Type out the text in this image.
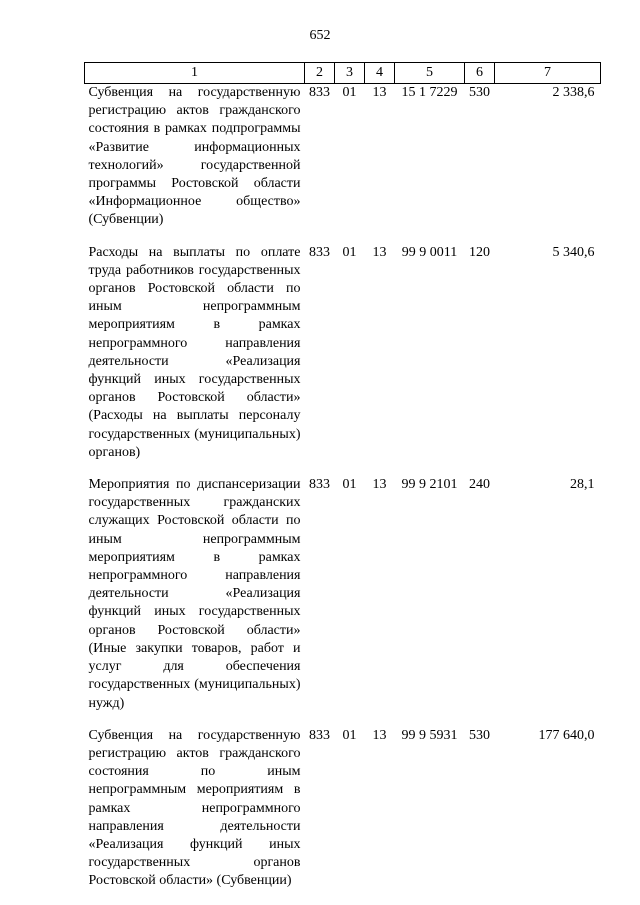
652
1	2	3	4	5	6	7
Субвенция на государственную регистрацию актов гражданского состояния в рамках подпрограммы «Развитие информационных технологий» государственной программы Ростовской области «Информационное общество» (Субвенции)	833	01	13	15 1 7229	530	2 338,6
Расходы на выплаты по оплате труда работников государственных органов Ростовской области по иным непрограммным мероприятиям в рамках непрограммного направления деятельности «Реализация функций иных государственных органов Ростовской области» (Расходы на выплаты персоналу государственных (муниципальных) органов)	833	01	13	99 9 0011	120	5 340,6
Мероприятия по диспансеризации государственных гражданских служащих Ростовской области по иным непрограммным мероприятиям в рамках непрограммного направления деятельности «Реализация функций иных государственных органов Ростовской области» (Иные закупки товаров, работ и услуг для обеспечения государственных (муниципальных) нужд)	833	01	13	99 9 2101	240	28,1
Субвенция на государственную регистрацию актов гражданского состояния по иным непрограммным мероприятиям в рамках непрограммного направления деятельности «Реализация функций иных государственных органов Ростовской области» (Субвенции)	833	01	13	99 9 5931	530	177 640,0
